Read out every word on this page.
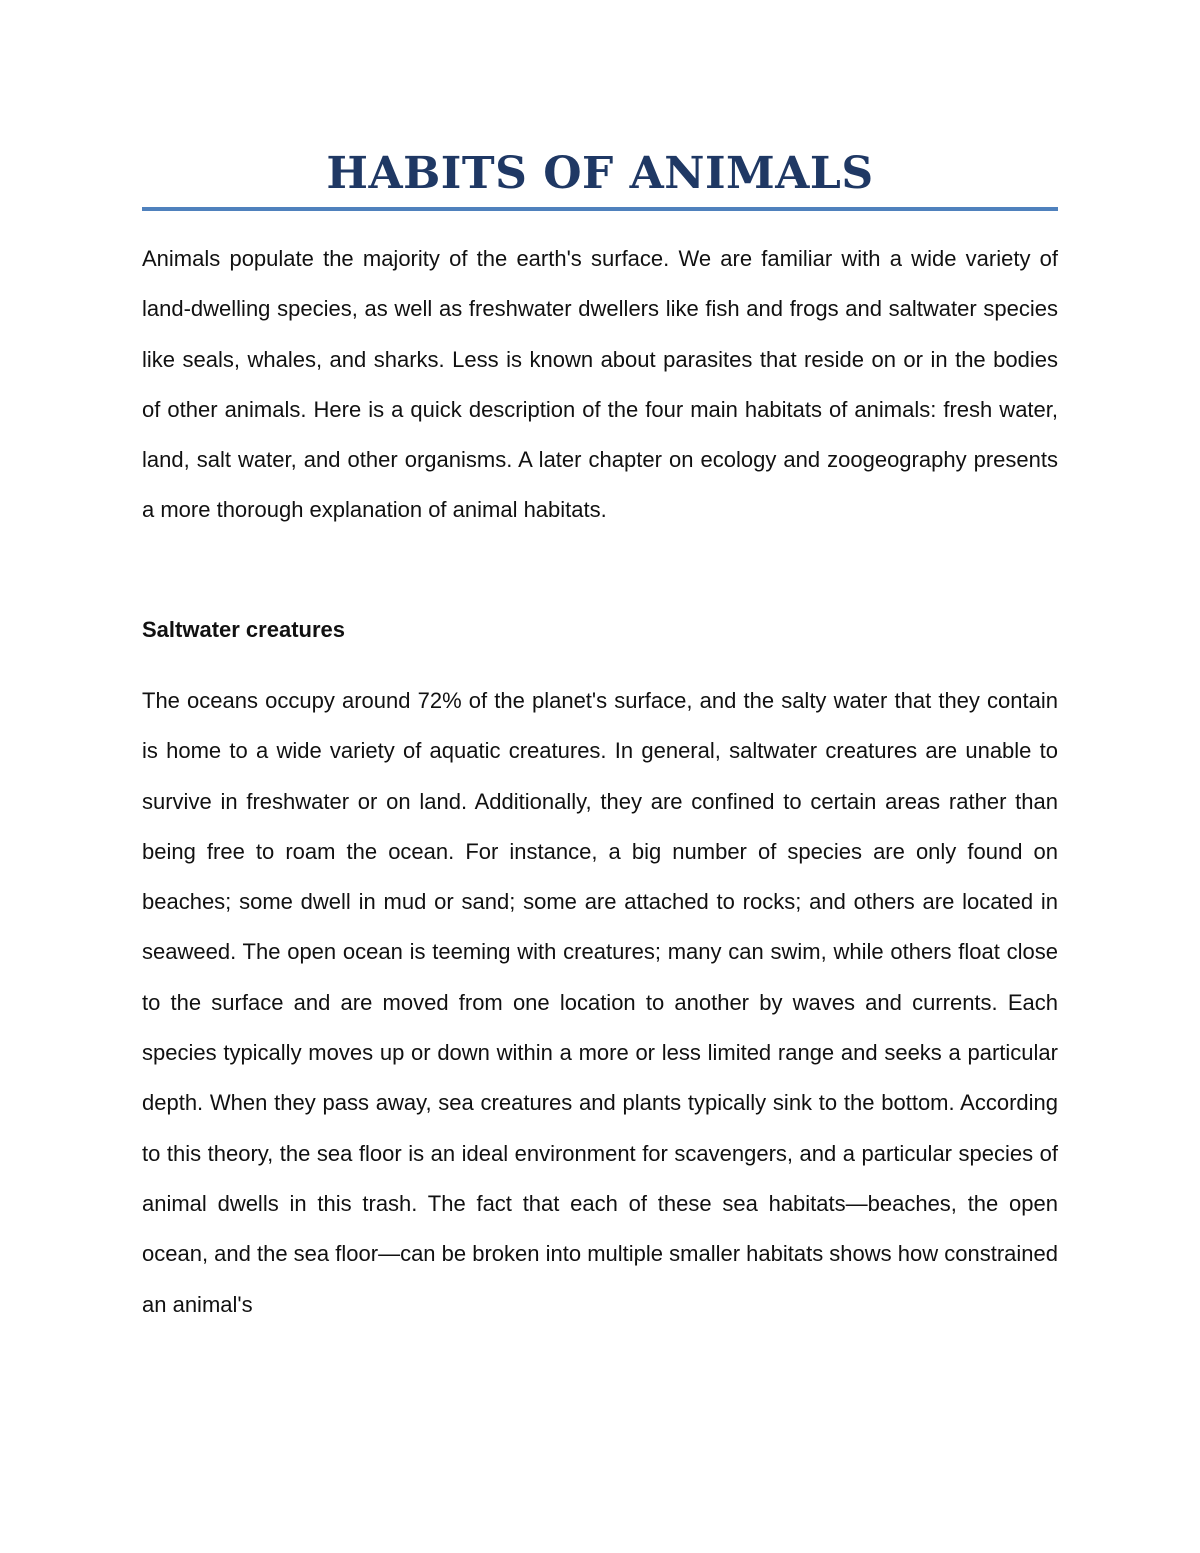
HABITS OF ANIMALS

Animals populate the majority of the earth's surface. We are familiar with a wide variety of land-dwelling species, as well as freshwater dwellers like fish and frogs and saltwater species like seals, whales, and sharks. Less is known about parasites that reside on or in the bodies of other animals. Here is a quick description of the four main habitats of animals: fresh water, land, salt water, and other organisms. A later chapter on ecology and zoogeography presents a more thorough explanation of animal habitats.

Saltwater creatures

The oceans occupy around 72% of the planet's surface, and the salty water that they contain is home to a wide variety of aquatic creatures. In general, saltwater creatures are unable to survive in freshwater or on land. Additionally, they are confined to certain areas rather than being free to roam the ocean. For instance, a big number of species are only found on beaches; some dwell in mud or sand; some are attached to rocks; and others are located in seaweed. The open ocean is teeming with creatures; many can swim, while others float close to the surface and are moved from one location to another by waves and currents. Each species typically moves up or down within a more or less limited range and seeks a particular depth. When they pass away, sea creatures and plants typically sink to the bottom. According to this theory, the sea floor is an ideal environment for scavengers, and a particular species of animal dwells in this trash. The fact that each of these sea habitats—beaches, the open ocean, and the sea floor—can be broken into multiple smaller habitats shows how constrained an animal's
